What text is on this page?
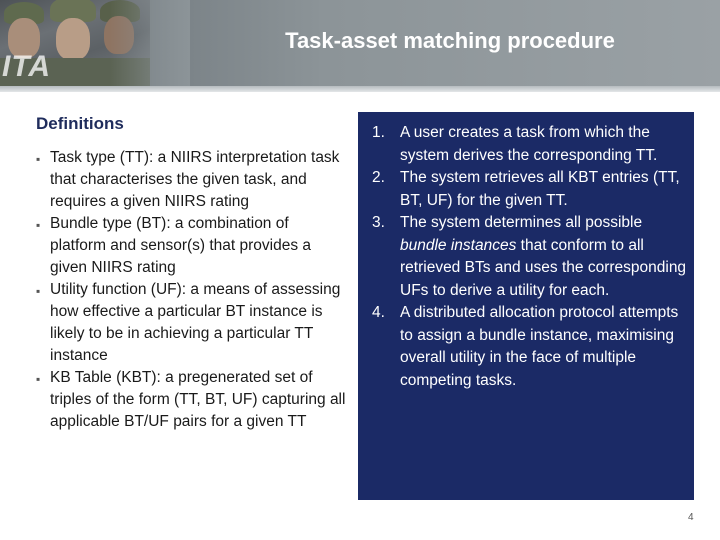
ITA
Task-asset matching procedure
Definitions
▪ Task type (TT): a NIIRS interpretation task that characterises the given task, and requires a given NIIRS rating
▪ Bundle type (BT): a combination of platform and sensor(s) that provides a given NIIRS rating
▪ Utility function (UF): a means of assessing how effective a particular BT instance is likely to be in achieving a particular TT instance
▪ KB Table (KBT): a pregenerated set of triples of the form (TT, BT, UF) capturing all applicable BT/UF pairs for a given TT
1. A user creates a task from which the system derives the corresponding TT.
2. The system retrieves all KBT entries (TT, BT, UF) for the given TT.
3. The system determines all possible bundle instances that conform to all retrieved BTs and uses the corresponding UFs to derive a utility for each.
4. A distributed allocation protocol attempts to assign a bundle instance, maximising overall utility in the face of multiple competing tasks.
4
